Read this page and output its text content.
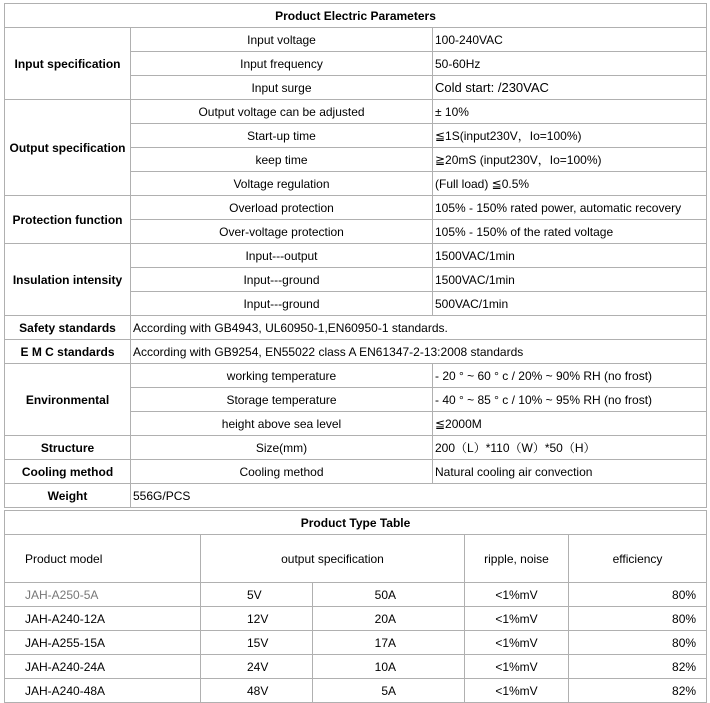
Product Electric Parameters		
Input specification	Input voltage	100-240VAC
	Input frequency	50-60Hz
	Input surge	Cold start: /230VAC
Output specification	Output voltage can be adjusted	± 10%
	Start-up time	≦1S(input230V，Io=100%)
	keep time	≧20mS (input230V，Io=100%)
	Voltage regulation	(Full load) ≦0.5%
Protection function	Overload protection	105% - 150% rated power, automatic recovery
	Over-voltage protection	105% - 150% of the rated voltage
Insulation intensity	Input---output	1500VAC/1min
	Input---ground	1500VAC/1min
	Input---ground	500VAC/1min
Safety standards	According with GB4943, UL60950-1,EN60950-1 standards.	
E M C standards	According with GB9254, EN55022 class A EN61347-2-13:2008 standards	
Environmental	working temperature	- 20 ° ~ 60 ° c / 20% ~ 90% RH (no frost)
	Storage temperature	- 40 ° ~ 85 ° c / 10% ~ 95% RH (no frost)
	height above sea level	≦2000M
Structure	Size(mm)	200（L）*110（W）*50（H）
Cooling method	Cooling method	Natural cooling air convection
Weight	556G/PCS	
Product Type Table				
Product model	output specification		ripple, noise	efficiency
JAH-A250-5A	5V	50A	<1%mV	80%
JAH-A240-12A	12V	20A	<1%mV	80%
JAH-A255-15A	15V	17A	<1%mV	80%
JAH-A240-24A	24V	10A	<1%mV	82%
JAH-A240-48A	48V	5A	<1%mV	82%
